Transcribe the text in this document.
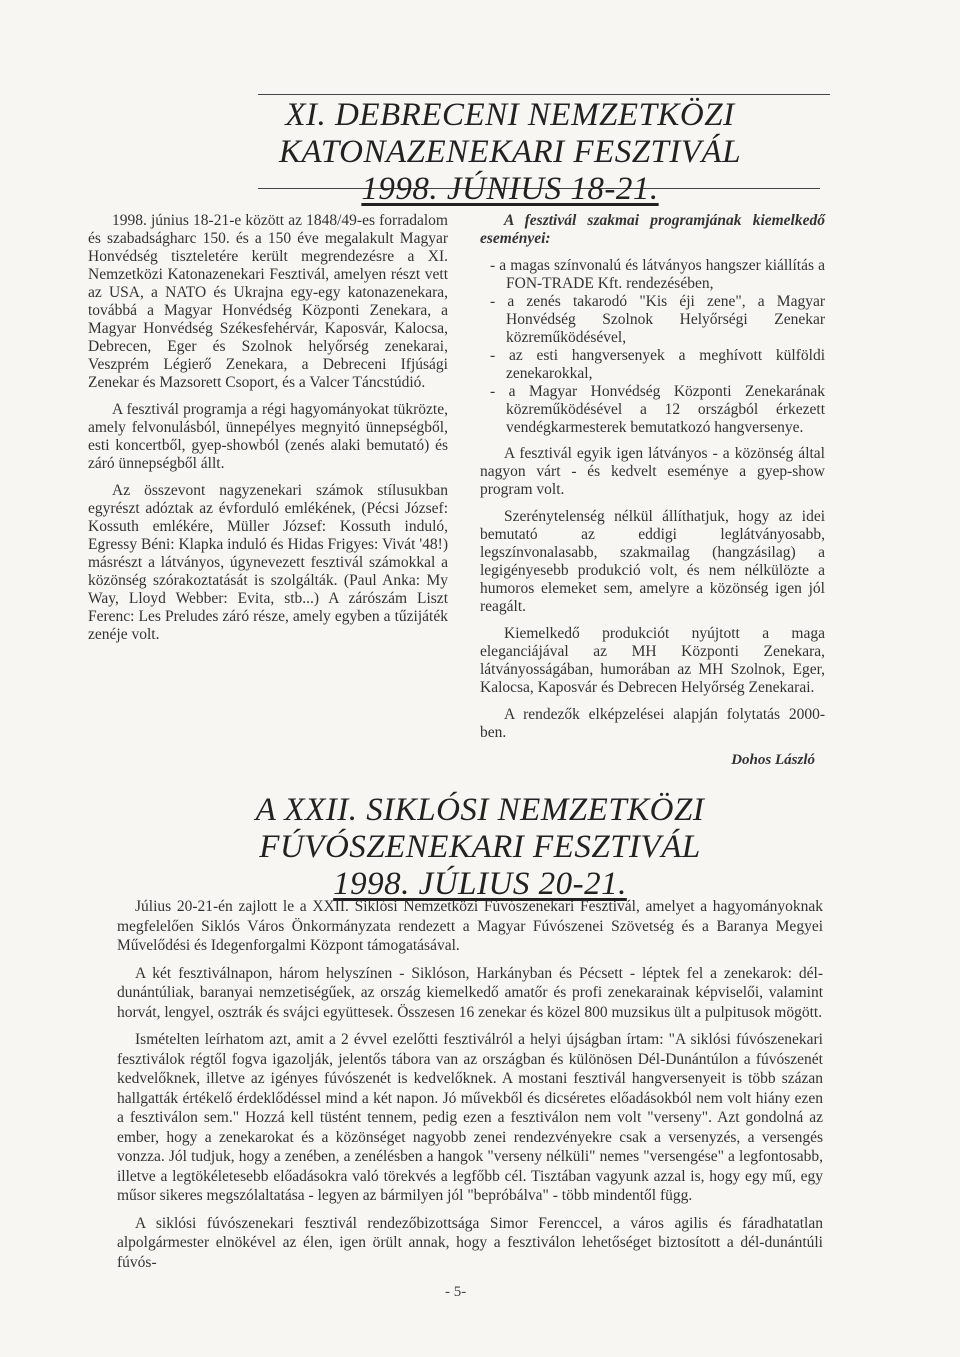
XI. DEBRECENI NEMZETKÖZI
KATONAZENEKARI FESZTIVÁL
1998. JÚNIUS 18-21.

1998. június 18-21-e között az 1848/49-es forradalom és szabadságharc 150. és a 150 éve megalakult Magyar Honvédség tiszteletére került megrendezésre a XI. Nemzetközi Katonazenekari Fesztivál, amelyen részt vett az USA, a NATO és Ukrajna egy-egy katonazenekara, továbbá a Magyar Honvédség Központi Zenekara, a Magyar Honvédség Székesfehérvár, Kaposvár, Kalocsa, Debrecen, Eger és Szolnok helyőrség zenekarai, Veszprém Légierő Zenekara, a Debreceni Ifjúsági Zenekar és Mazsorett Csoport, és a Valcer Táncstúdió.

A fesztivál programja a régi hagyományokat tükrözte, amely felvonulásból, ünnepélyes megnyitó ünnepségből, esti koncertből, gyep-showból (zenés alaki bemutató) és záró ünnepségből állt.

Az összevont nagyzenekari számok stílusukban egyrészt adóztak az évforduló emlékének, (Pécsi József: Kossuth emlékére, Müller József: Kossuth induló, Egressy Béni: Klapka induló és Hidas Frigyes: Vivát '48!) másrészt a látványos, úgynevezett fesztivál számokkal a közönség szórakoztatását is szolgálták. (Paul Anka: My Way, Lloyd Webber: Evita, stb...) A zárószám Liszt Ferenc: Les Preludes záró része, amely egyben a tűzijáték zenéje volt.

A fesztivál szakmai programjának kiemelkedő eseményei:

- a magas színvonalú és látványos hangszer kiállítás a FON-TRADE Kft. rendezésében,
- a zenés takarodó "Kis éji zene", a Magyar Honvédség Szolnok Helyőrségi Zenekar közreműködésével,
- az esti hangversenyek a meghívott külföldi zenekarokkal,
- a Magyar Honvédség Központi Zenekarának közreműködésével a 12 országból érkezett vendégkarmesterek bemutatkozó hangversenye.

A fesztivál egyik igen látványos - a közönség által nagyon várt - és kedvelt eseménye a gyep-show program volt.

Szerénytelenség nélkül állíthatjuk, hogy az idei bemutató az eddigi leglátványosabb, legszínvonalasabb, szakmailag (hangzásilag) a legigényesebb produkció volt, és nem nélkülözte a humoros elemeket sem, amelyre a közönség igen jól reagált.

Kiemelkedő produkciót nyújtott a maga eleganciájával az MH Központi Zenekara, látványosságában, humorában az MH Szolnok, Eger, Kalocsa, Kaposvár és Debrecen Helyőrség Zenekarai.

A rendezők elképzelései alapján folytatás 2000-ben.

Dohos László
A XXII. SIKLÓSI NEMZETKÖZI
FÚVÓSZENEKARI FESZTIVÁL
1998. JÚLIUS 20-21.

Július 20-21-én zajlott le a XXII. Siklósi Nemzetközi Fúvószenekari Fesztivál, amelyet a hagyományoknak megfelelően Siklós Város Önkormányzata rendezett a Magyar Fúvószenei Szövetség és a Baranya Megyei Művelődési és Idegenforgalmi Központ támogatásával.

A két fesztiválnapon, három helyszínen - Siklóson, Harkányban és Pécsett - léptek fel a zenekarok: dél-dunántúliak, baranyai nemzetiségűek, az ország kiemelkedő amatőr és profi zenekarainak képviselői, valamint horvát, lengyel, osztrák és svájci együttesek. Összesen 16 zenekar és közel 800 muzsikus ült a pulpitusok mögött.

Ismételten leírhatom azt, amit a 2 évvel ezelőtti fesztiválról a helyi újságban írtam: "A siklósi fúvószenekari fesztiválok régtől fogva igazolják, jelentős tábora van az országban és különösen Dél-Dunántúlon a fúvószenét kedvelőknek, illetve az igényes fúvószenét is kedvelőknek. A mostani fesztivál hangversenyeit is több százan hallgatták értékelő érdeklődéssel mind a két napon. Jó művekből és dicséretes előadásokból nem volt hiány ezen a fesztiválon sem." Hozzá kell tüstént tennem, pedig ezen a fesztiválon nem volt "verseny". Azt gondolná az ember, hogy a zenekarokat és a közönséget nagyobb zenei rendezvényekre csak a versenyzés, a versengés vonzza. Jól tudjuk, hogy a zenében, a zenélésben a hangok "verseny nélküli" nemes "versengése" a legfontosabb, illetve a legtökéletesebb előadásokra való törekvés a legfőbb cél. Tisztában vagyunk azzal is, hogy egy mű, egy műsor sikeres megszólaltatása - legyen az bármilyen jól "bepróbálva" - több mindentől függ.

A siklósi fúvószenekari fesztivál rendezőbizottsága Simor Ferenccel, a város agilis és fáradhatatlan alpolgármester elnökével az élen, igen örült annak, hogy a fesztiválon lehetőséget biztosított a dél-dunántúli fúvós-

- 5-
